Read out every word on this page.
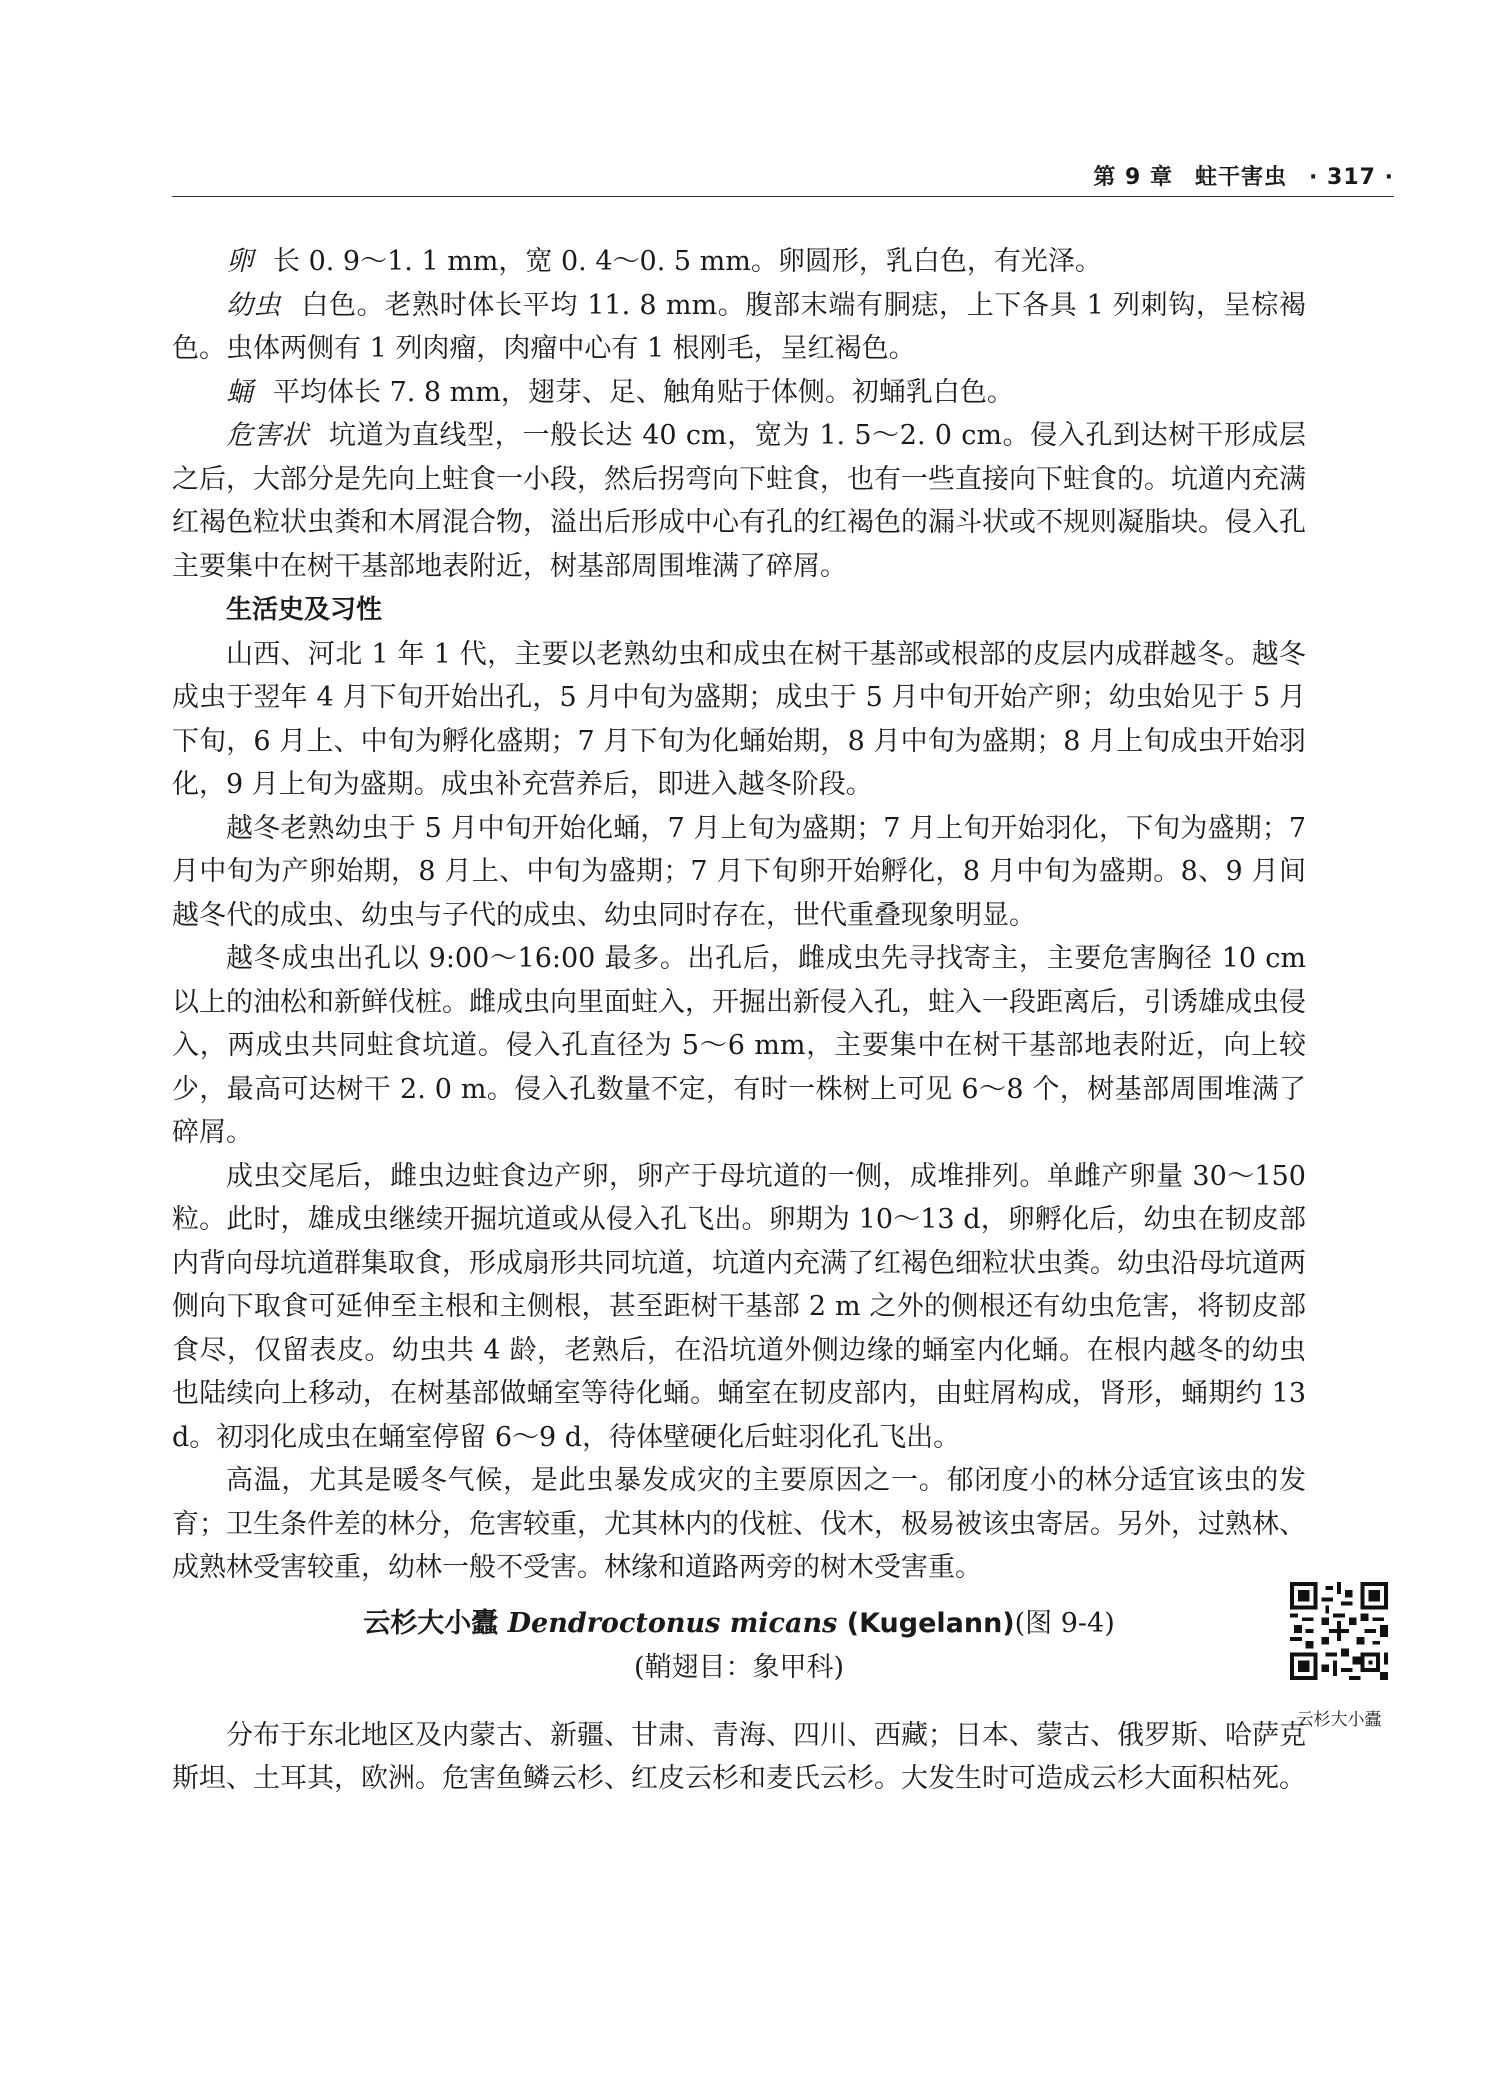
第 9 章 蛀干害虫 · 317 ·

卵 长 0. 9～1. 1 mm，宽 0. 4～0. 5 mm。卵圆形，乳白色，有光泽。

幼虫 白色。老熟时体长平均 11. 8 mm。腹部末端有胴痣，上下各具 1 列刺钩，呈棕褐色。虫体两侧有 1 列肉瘤，肉瘤中心有 1 根刚毛，呈红褐色。

蛹 平均体长 7. 8 mm，翅芽、足、触角贴于体侧。初蛹乳白色。

危害状 坑道为直线型，一般长达 40 cm，宽为 1. 5～2. 0 cm。侵入孔到达树干形成层之后，大部分是先向上蛀食一小段，然后拐弯向下蛀食，也有一些直接向下蛀食的。坑道内充满红褐色粒状虫粪和木屑混合物，溢出后形成中心有孔的红褐色的漏斗状或不规则凝脂块。侵入孔主要集中在树干基部地表附近，树基部周围堆满了碎屑。

生活史及习性

山西、河北 1 年 1 代，主要以老熟幼虫和成虫在树干基部或根部的皮层内成群越冬。越冬成虫于翌年 4 月下旬开始出孔，5 月中旬为盛期；成虫于 5 月中旬开始产卵；幼虫始见于 5 月下旬，6 月上、中旬为孵化盛期；7 月下旬为化蛹始期，8 月中旬为盛期；8 月上旬成虫开始羽化，9 月上旬为盛期。成虫补充营养后，即进入越冬阶段。

越冬老熟幼虫于 5 月中旬开始化蛹，7 月上旬为盛期；7 月上旬开始羽化，下旬为盛期；7 月中旬为产卵始期，8 月上、中旬为盛期；7 月下旬卵开始孵化，8 月中旬为盛期。8、9 月间越冬代的成虫、幼虫与子代的成虫、幼虫同时存在，世代重叠现象明显。

越冬成虫出孔以 9:00～16:00 最多。出孔后，雌成虫先寻找寄主，主要危害胸径 10 cm 以上的油松和新鲜伐桩。雌成虫向里面蛀入，开掘出新侵入孔，蛀入一段距离后，引诱雄成虫侵入，两成虫共同蛀食坑道。侵入孔直径为 5～6 mm，主要集中在树干基部地表附近，向上较少，最高可达树干 2. 0 m。侵入孔数量不定，有时一株树上可见 6～8 个，树基部周围堆满了碎屑。

成虫交尾后，雌虫边蛀食边产卵，卵产于母坑道的一侧，成堆排列。单雌产卵量 30～150 粒。此时，雄成虫继续开掘坑道或从侵入孔飞出。卵期为 10～13 d，卵孵化后，幼虫在韧皮部内背向母坑道群集取食，形成扇形共同坑道，坑道内充满了红褐色细粒状虫粪。幼虫沿母坑道两侧向下取食可延伸至主根和主侧根，甚至距树干基部 2 m 之外的侧根还有幼虫危害，将韧皮部食尽，仅留表皮。幼虫共 4 龄，老熟后，在沿坑道外侧边缘的蛹室内化蛹。在根内越冬的幼虫也陆续向上移动，在树基部做蛹室等待化蛹。蛹室在韧皮部内，由蛀屑构成，肾形，蛹期约 13 d。初羽化成虫在蛹室停留 6～9 d，待体壁硬化后蛀羽化孔飞出。

高温，尤其是暖冬气候，是此虫暴发成灾的主要原因之一。郁闭度小的林分适宜该虫的发育；卫生条件差的林分，危害较重，尤其林内的伐桩、伐木，极易被该虫寄居。另外，过熟林、成熟林受害较重，幼林一般不受害。林缘和道路两旁的树木受害重。

云杉大小蠹 Dendroctonus micans (Kugelann)(图 9-4)
(鞘翅目：象甲科)
云杉大小蠹

分布于东北地区及内蒙古、新疆、甘肃、青海、四川、西藏；日本、蒙古、俄罗斯、哈萨克斯坦、土耳其，欧洲。危害鱼鳞云杉、红皮云杉和麦氏云杉。大发生时可造成云杉大面积枯死。
